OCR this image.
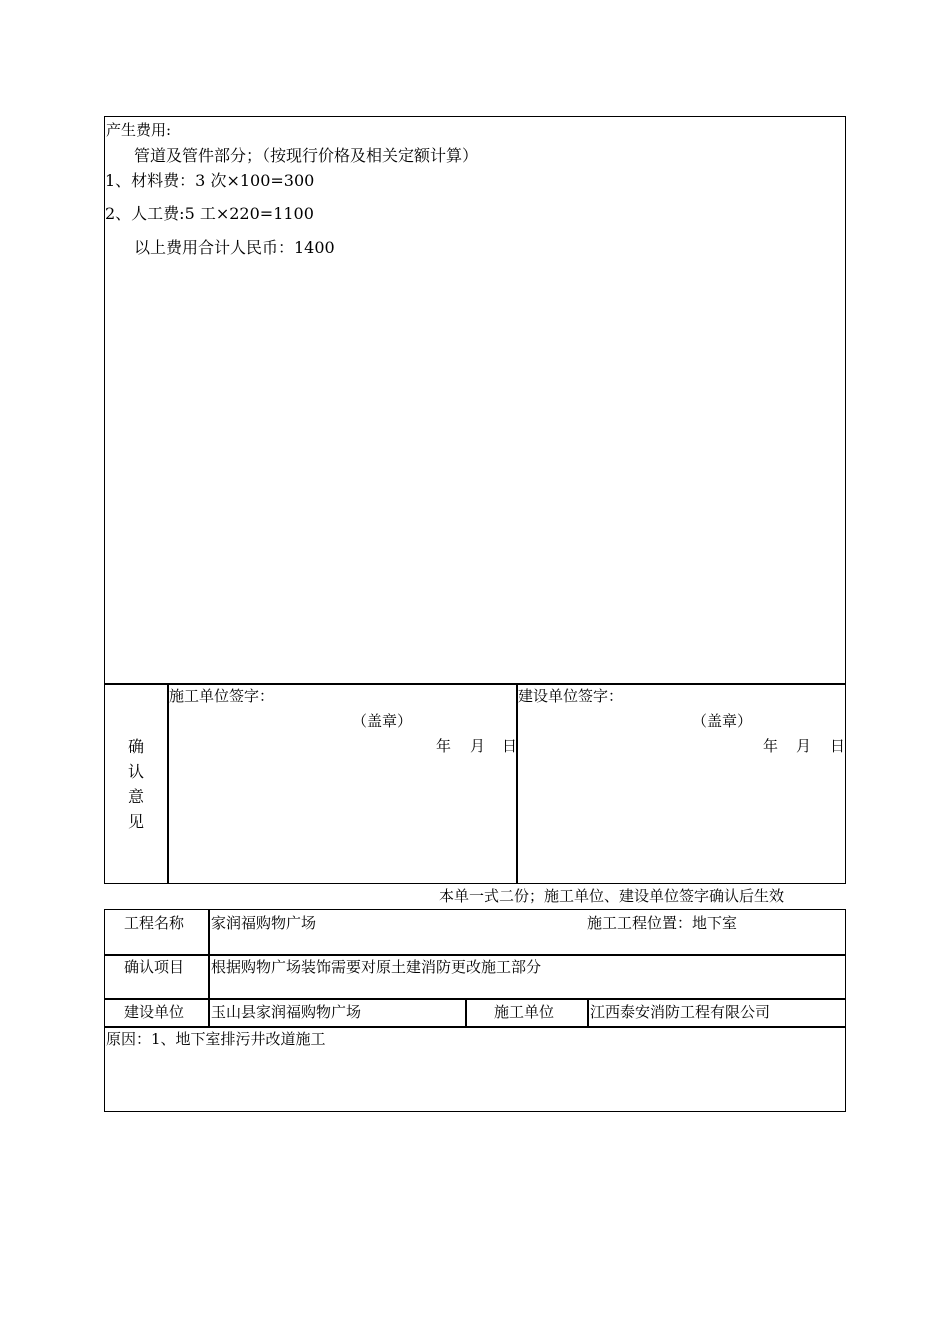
产生费用:
管道及管件部分；（按现行价格及相关定额计算）
1、材料费：3 次×100=300
2、人工费:5 工×220=1100
以上费用合计人民币：1400
确
认
意
见
施工单位签字：
（盖章）
年 月 日
建设单位签字：
（盖章）
年 月 日
本单一式二份；施工单位、建设单位签字确认后生效
工程名称 家润福购物广场	施工工程位置：地下室
确认项目 根据购物广场装饰需要对原土建消防更改施工部分
建设单位 玉山县家润福购物广场	施工单位 江西泰安消防工程有限公司
原因：1、地下室排污井改道施工
